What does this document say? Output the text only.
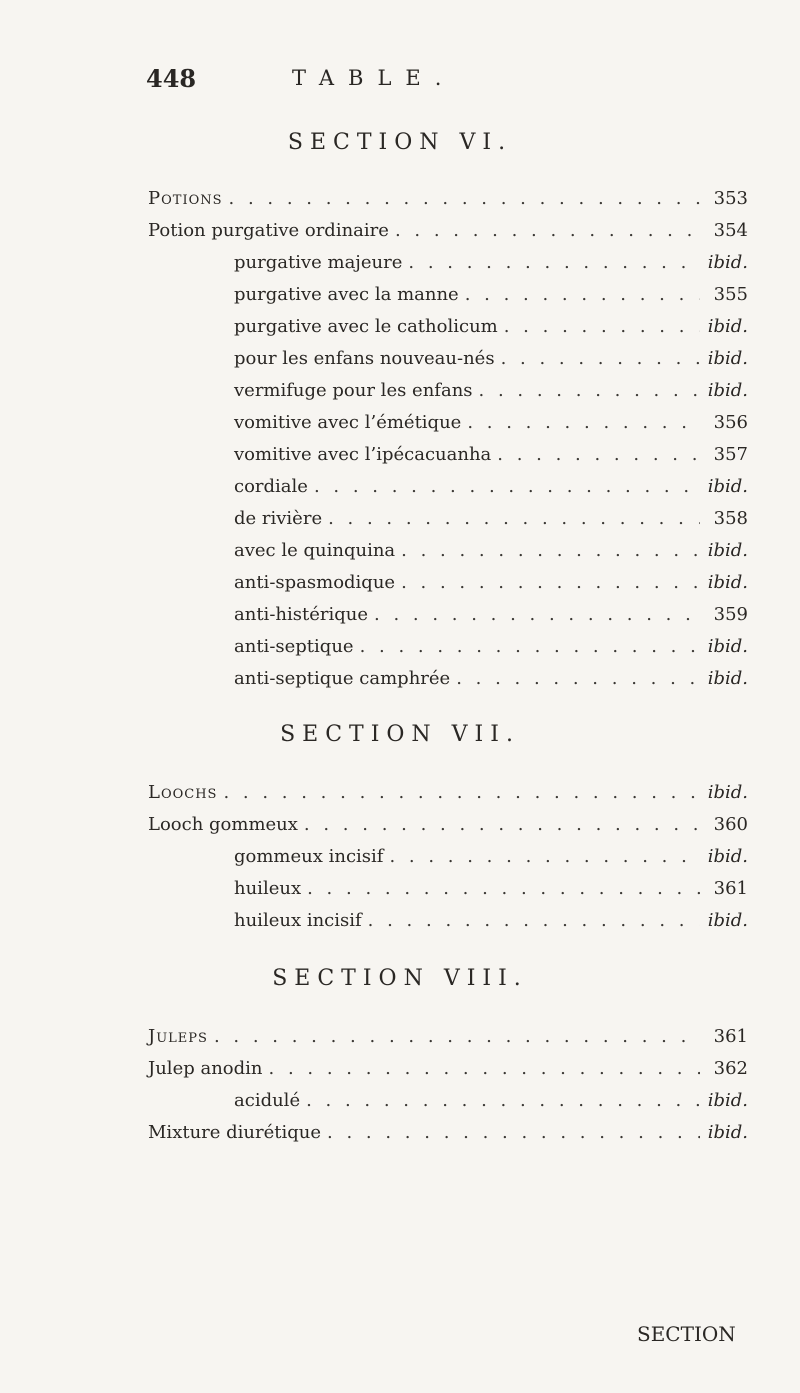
448	TABLE.
SECTION VI.
Potions . . .	353
Potion purgative ordinaire . . .	354
purgative majeure . . .	ibid.
purgative avec la manne . . .	355
purgative avec le catholicum . . .	ibid.
pour les enfans nouveau-nés . . .	ibid.
vermifuge pour les enfans . . .	ibid.
vomitive avec l’émétique . . .	356
vomitive avec l’ipécacuanha . . .	357
cordiale . . .	ibid.
de rivière . . .	358
avec le quinquina . . .	ibid.
anti-spasmodique . . .	ibid.
anti-histérique . . .	359
anti-septique . . .	ibid.
anti-septique camphrée . . .	ibid.
SECTION VII.
Loochs . . .	ibid.
Looch gommeux . . .	360
gommeux incisif . . .	ibid.
huileux . . .	361
huileux incisif . . .	ibid.
SECTION VIII.
Juleps . . .	361
Julep anodin . . .	362
acidulé . . .	ibid.
Mixture diurétique . . .	ibid.
SECTION
